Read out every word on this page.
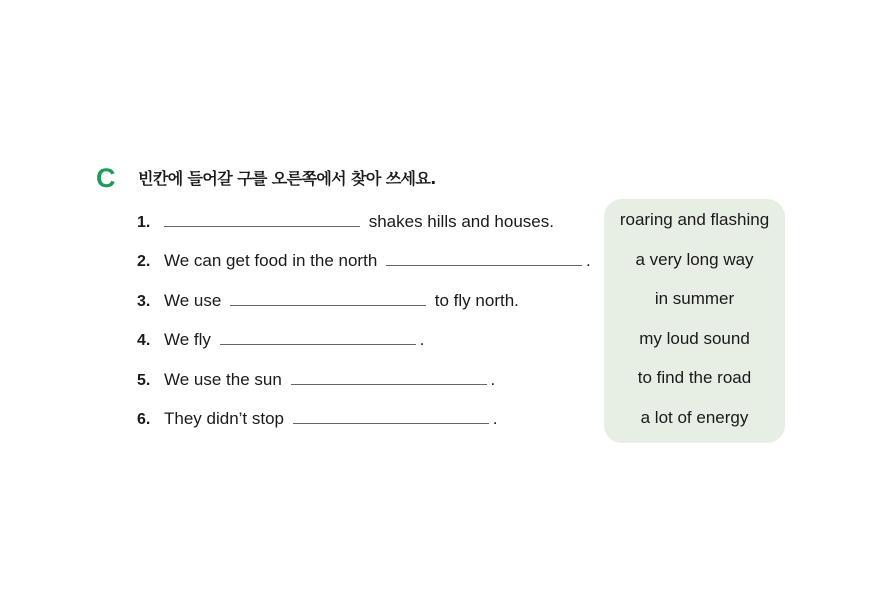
C 빈칸에 들어갈 구를 오른쪽에서 찾아 쓰세요.
1.	shakes hills and houses.
2. We can get food in the north	.
3. We use	to fly north.
4. We fly	.
5. We use the sun	.
6. They didn’t stop	.
roaring and flashing
a very long way
in summer
my loud sound
to find the road
a lot of energy
